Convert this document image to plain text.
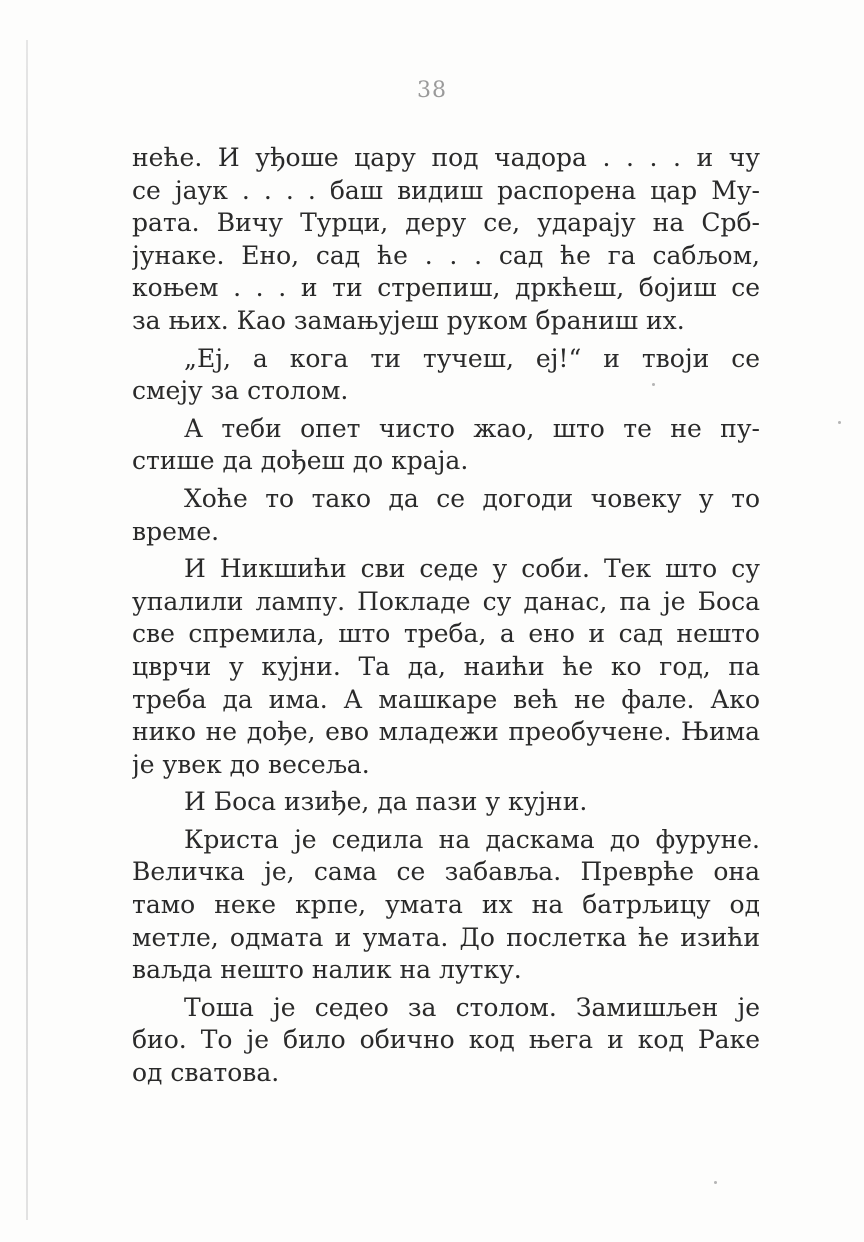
38
неће. И уђоше цару под чадора . . . . и чу
се јаук . . . . баш видиш распорена цар Му-
рата. Вичу Турци, деру се, ударају на Срб-
јунаке. Ено, сад ће . . . сад ће га сабљом,
коњем . . . и ти стрепиш, дркћеш, бојиш се
за њих. Као замањујеш руком браниш их.
„Еј, а кога ти тучеш, еј!“ и твоји се
смеју за столом.
А теби опет чисто жао, што те не пу-
стише да дођеш до краја.
Хоће то тако да се догоди човеку у то
време.
И Никшићи сви седе у соби. Тек што су
упалили лампу. Покладе су данас, па је Боса
све спремила, што треба, а ено и сад нешто
цврчи у кујни. Та да, наићи ће ко год, па
треба да има. А машкаре већ не фале. Ако
нико не дође, ево младежи преобучене. Њима
је увек до весеља.
И Боса изиђе, да пази у кујни.
Криста је седила на даскама до фуруне.
Величка је, сама се забавља. Преврће она
тамо неке крпе, умата их на батрљицу од
метле, одмата и умата. До послетка ће изићи
ваљда нешто налик на лутку.
Тоша је седео за столом. Замишљен је
био. То је било обично код њега и код Раке
од сватова.
